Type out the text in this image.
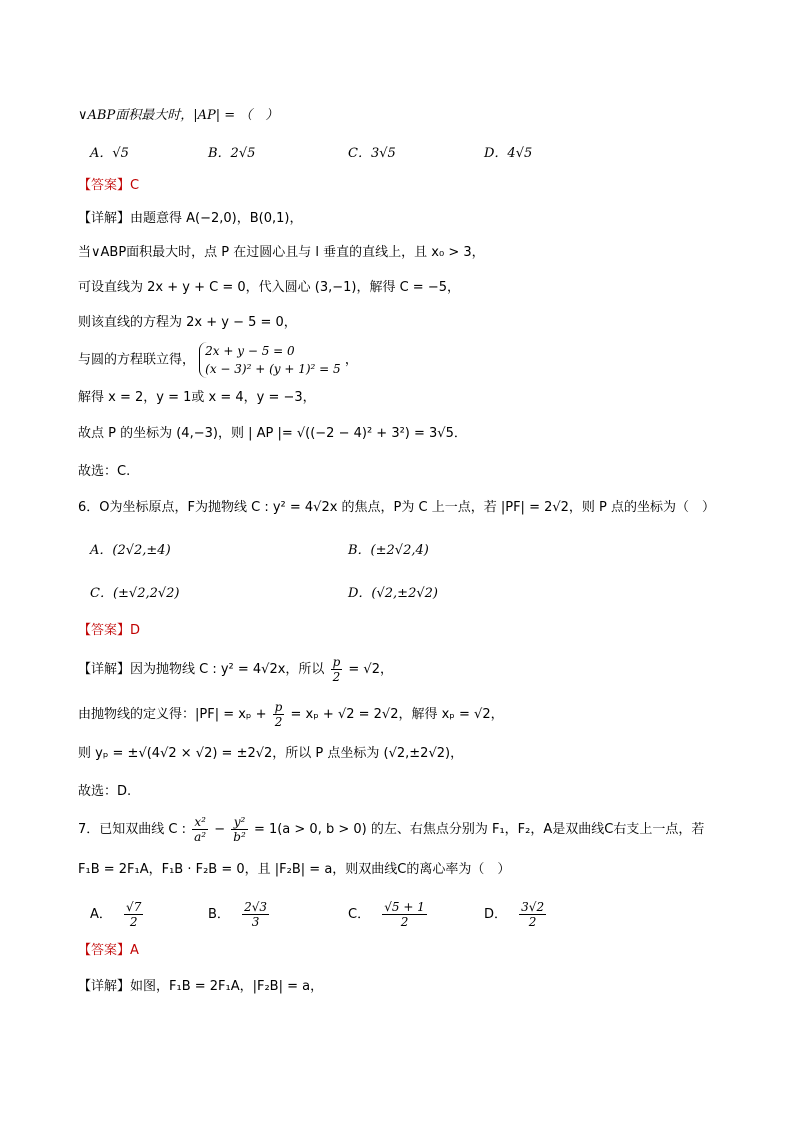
∨ABP面积最大时，|AP| = （　）
A．√5	B．2√5	C．3√5	D．4√5
【答案】C
【详解】由题意得 A(−2,0)，B(0,1)，
当∨ABP面积最大时，点 P 在过圆心且与 l 垂直的直线上，且 x₀ > 3，
可设直线为 2x + y + C = 0，代入圆心 (3,−1)，解得 C = −5，
则该直线的方程为 2x + y − 5 = 0，
与圆的方程联立得，
2x + y − 5 = 0
(x − 3)² + (y + 1)² = 5
，
解得 x = 2，y = 1或 x = 4，y = −3，
故点 P 的坐标为 (4,−3)，则 | AP |= √((−2 − 4)² + 3²) = 3√5．
故选：C.
6．O为坐标原点，F为抛物线 C : y² = 4√2x 的焦点，P为 C 上一点，若 |PF| = 2√2，则 P 点的坐标为（　）
A．(2√2,±4)	B．(±2√2,4)
C．(±√2,2√2)	D．(√2,±2√2)
【答案】D
【详解】因为抛物线 C : y² = 4√2x，所以 $\frac{p}{2} = √2$，
由抛物线的定义得：$|PF| = x_p + \frac{p}{2} = x_p + √2 = 2√2$，解得 xₚ = √2，
则 yₚ = ±√(4√2 × √2) = ±2√2，所以 P 点坐标为 (√2,±2√2)，
故选：D.
7．已知双曲线 C : $\frac{\text{x²}}{\text{a²}} - \frac{\text{y²}}{\text{b²}} = 1(a > 0$, b > 0) 的左、右焦点分别为 F₁，F₂，A是双曲线C右支上一点，若
F₁B = 2F₁A，F₁B · F₂B = 0，且 |F₂B| = a，则双曲线C的离心率为（　）
A． $\frac{√7}{2}$	B． $\frac{2√3}{3}$	C． $\frac{√5 + 1}{2}$	D． $\frac{3√2}{2}$
【答案】A
【详解】如图，F₁B = 2F₁A，|F₂B| = a，
